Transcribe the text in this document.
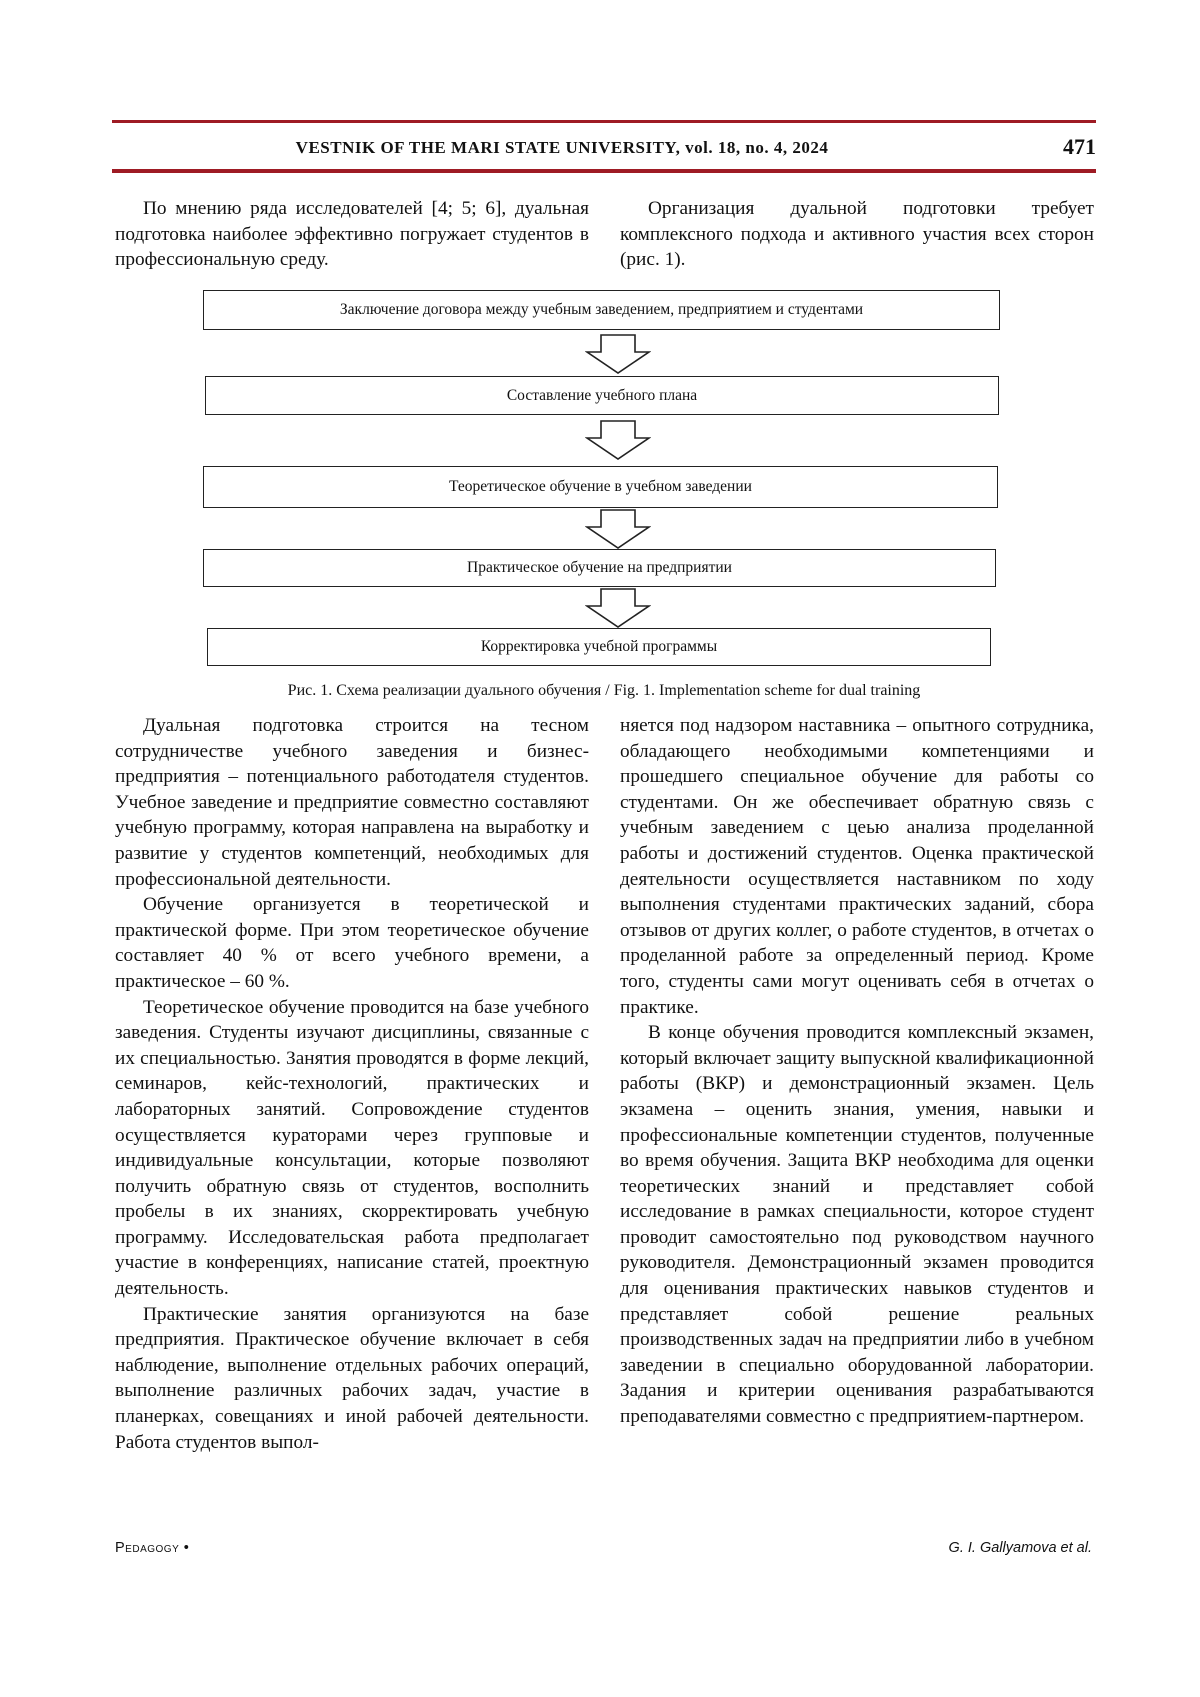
VESTNIK OF THE MARI STATE UNIVERSITY, vol. 18, no. 4, 2024	471

По мнению ряда исследователей [4; 5; 6], дуальная подготовка наиболее эффективно погружает студентов в профессиональную среду.

Организация дуальной подготовки требует комплексного подхода и активного участия всех сторон (рис. 1).

Заключение договора между учебным заведением, предприятием и студентами
Составление учебного плана
Теоретическое обучение в учебном заведении
Практическое обучение на предприятии
Корректировка учебной программы
Рис. 1. Схема реализации дуального обучения / Fig. 1. Implementation scheme for dual training

Дуальная подготовка строится на тесном сотрудничестве учебного заведения и бизнес-предприятия – потенциального работодателя студентов. Учебное заведение и предприятие совместно составляют учебную программу, которая направлена на выработку и развитие у студентов компетенций, необходимых для профессиональной деятельности.

Обучение организуется в теоретической и практической форме. При этом теоретическое обучение составляет 40 % от всего учебного времени, а практическое – 60 %.

Теоретическое обучение проводится на базе учебного заведения. Студенты изучают дисциплины, связанные с их специальностью. Занятия проводятся в форме лекций, семинаров, кейс-технологий, практических и лабораторных занятий. Сопровождение студентов осуществляется кураторами через групповые и индивидуальные консультации, которые позволяют получить обратную связь от студентов, восполнить пробелы в их знаниях, скорректировать учебную программу. Исследовательская работа предполагает участие в конференциях, написание статей, проектную деятельность.

Практические занятия организуются на базе предприятия. Практическое обучение включает в себя наблюдение, выполнение отдельных рабочих операций, выполнение различных рабочих задач, участие в планерках, совещаниях и иной рабочей деятельности. Работа студентов выпол-

няется под надзором наставника – опытного сотрудника, обладающего необходимыми компетенциями и прошедшего специальное обучение для работы со студентами. Он же обеспечивает обратную связь с учебным заведением с цеью анализа проделанной работы и достижений студентов. Оценка практической деятельности осуществляется наставником по ходу выполнения студентами практических заданий, сбора отзывов от других коллег, о работе студентов, в отчетах о проделанной работе за определенный период. Кроме того, студенты сами могут оценивать себя в отчетах о практике.

В конце обучения проводится комплексный экзамен, который включает защиту выпускной квалификационной работы (ВКР) и демонстрационный экзамен. Цель экзамена – оценить знания, умения, навыки и профессиональные компетенции студентов, полученные во время обучения. Защита ВКР необходима для оценки теоретических знаний и представляет собой исследование в рамках специальности, которое студент проводит самостоятельно под руководством научного руководителя. Демонстрационный экзамен проводится для оценивания практических навыков студентов и представляет собой решение реальных производственных задач на предприятии либо в учебном заведении в специально оборудованной лаборатории. Задания и критерии оценивания разрабатываются преподавателями совместно с предприятием-партнером.

Pedagogy •	G. I. Gallyamova et al.
